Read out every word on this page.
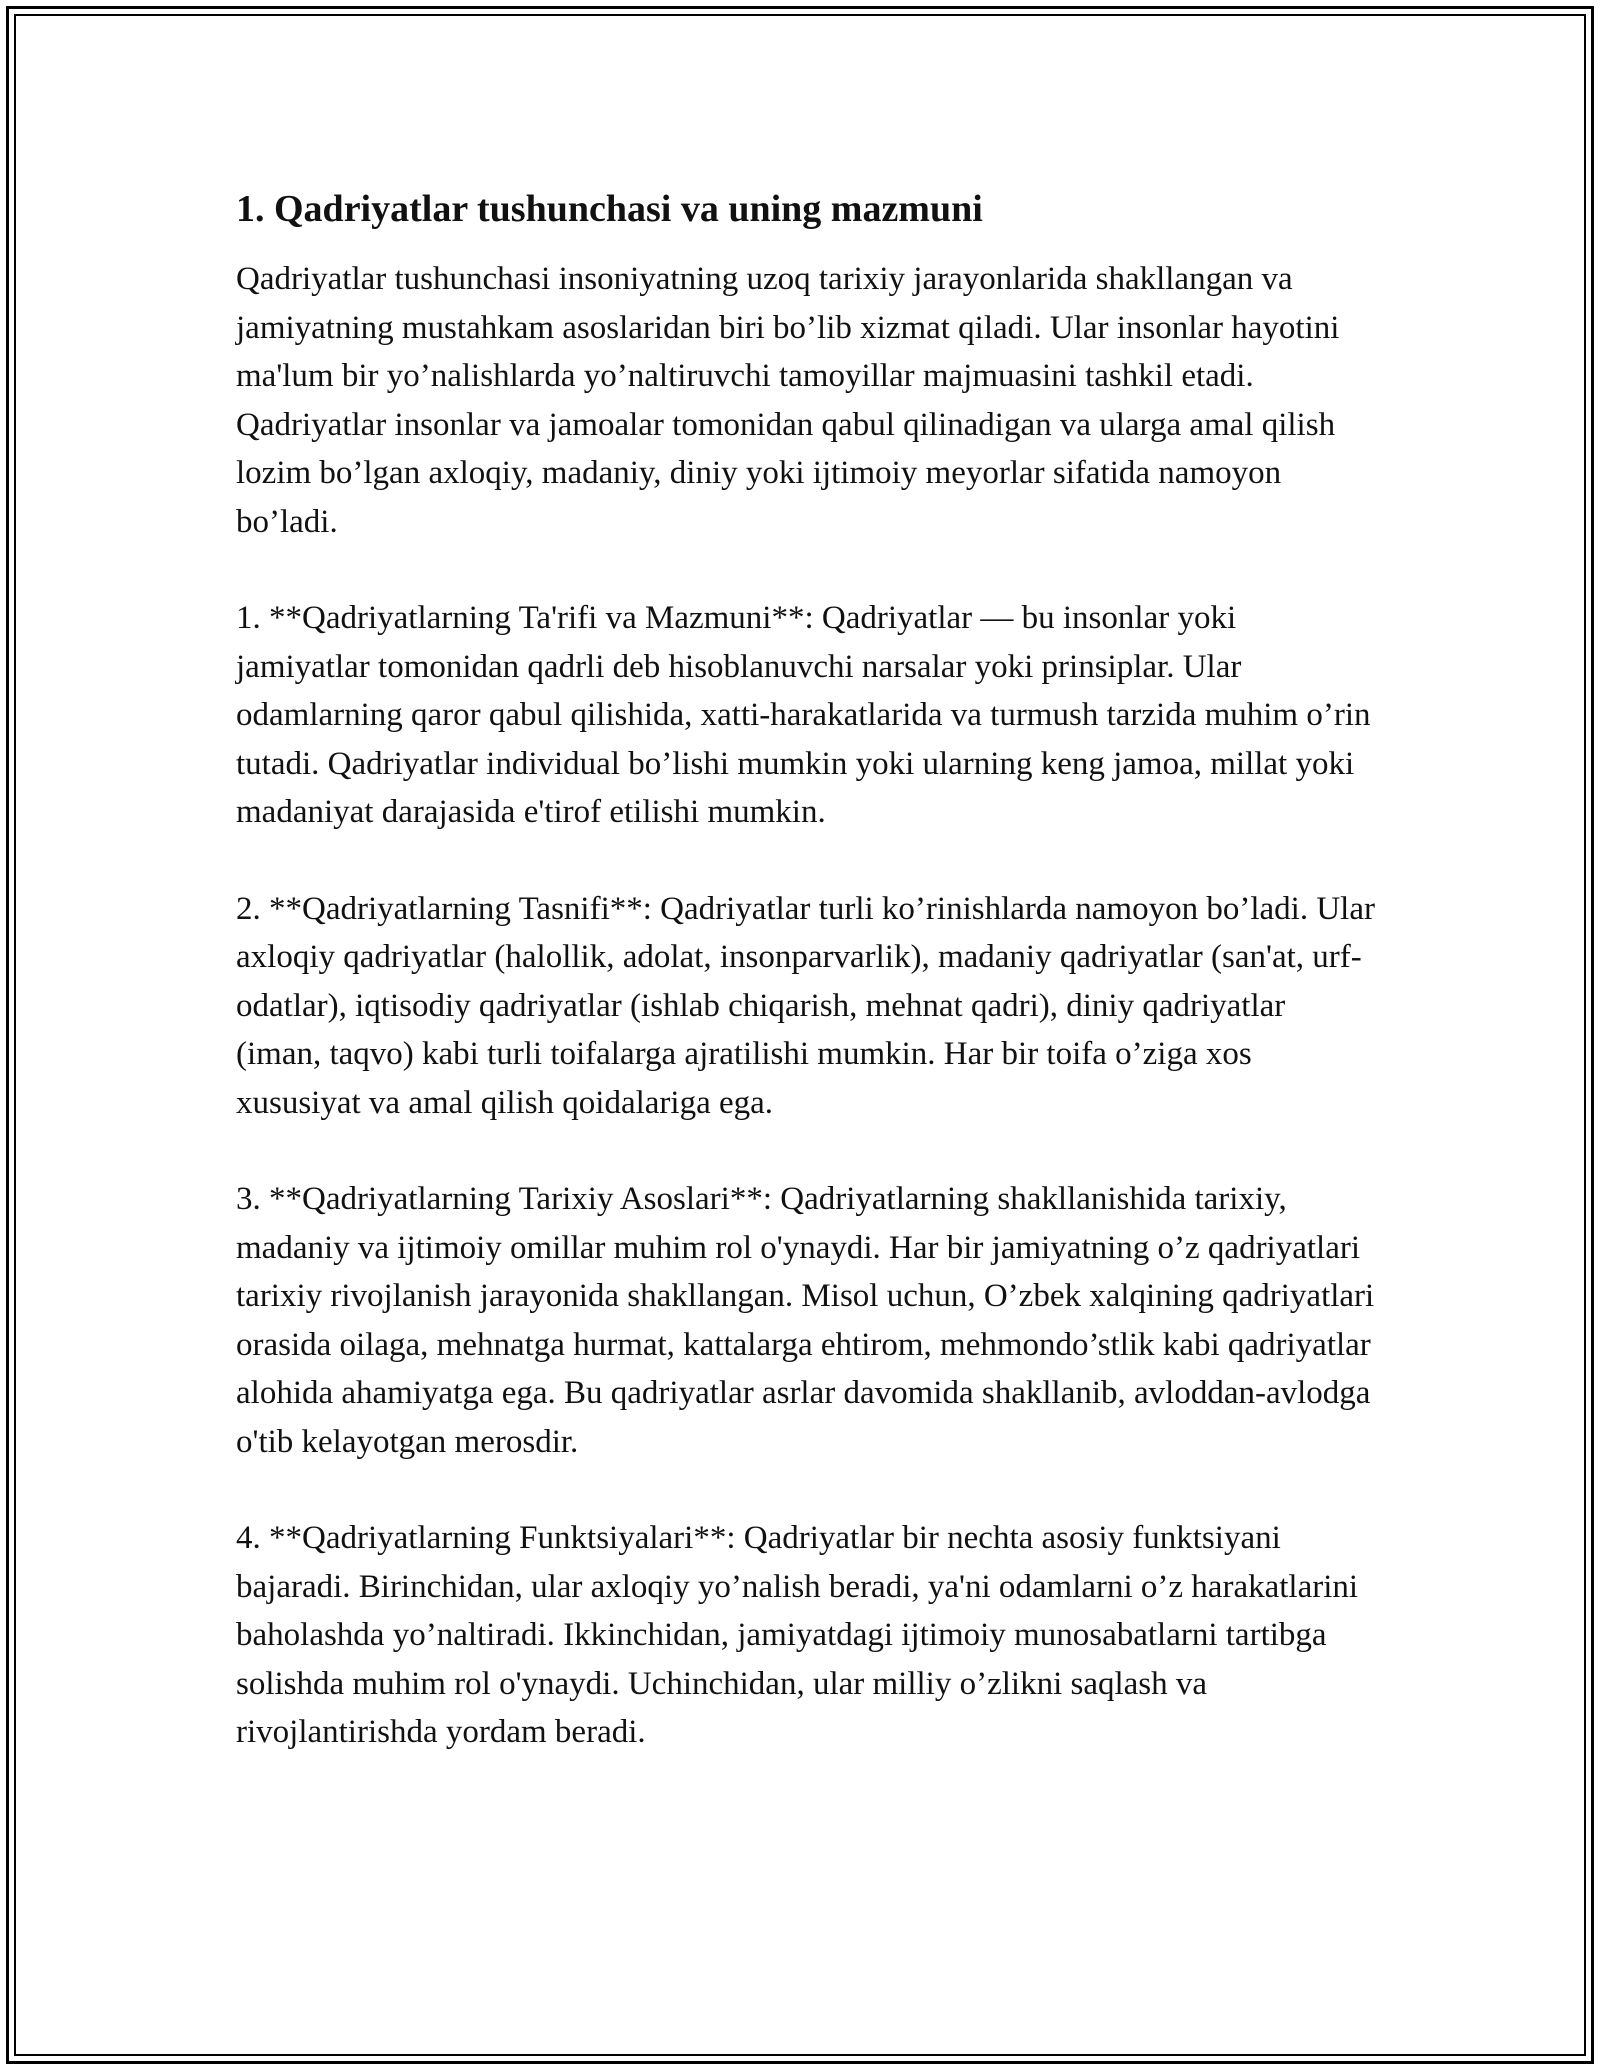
1. Qadriyatlar tushunchasi va uning mazmuni

Qadriyatlar tushunchasi insoniyatning uzoq tarixiy jarayonlarida shakllangan va jamiyatning mustahkam asoslaridan biri bo’lib xizmat qiladi. Ular insonlar hayotini ma'lum bir yo’nalishlarda yo’naltiruvchi tamoyillar majmuasini tashkil etadi. Qadriyatlar insonlar va jamoalar tomonidan qabul qilinadigan va ularga amal qilish lozim bo’lgan axloqiy, madaniy, diniy yoki ijtimoiy meyorlar sifatida namoyon bo’ladi.

1. **Qadriyatlarning Ta'rifi va Mazmuni**: Qadriyatlar — bu insonlar yoki jamiyatlar tomonidan qadrli deb hisoblanuvchi narsalar yoki prinsiplar. Ular odamlarning qaror qabul qilishida, xatti-harakatlarida va turmush tarzida muhim o’rin tutadi. Qadriyatlar individual bo’lishi mumkin yoki ularning keng jamoa, millat yoki madaniyat darajasida e'tirof etilishi mumkin.

2. **Qadriyatlarning Tasnifi**: Qadriyatlar turli ko’rinishlarda namoyon bo’ladi. Ular axloqiy qadriyatlar (halollik, adolat, insonparvarlik), madaniy qadriyatlar (san'at, urf-odatlar), iqtisodiy qadriyatlar (ishlab chiqarish, mehnat qadri), diniy qadriyatlar (iman, taqvo) kabi turli toifalarga ajratilishi mumkin. Har bir toifa o’ziga xos xususiyat va amal qilish qoidalariga ega.

3. **Qadriyatlarning Tarixiy Asoslari**: Qadriyatlarning shakllanishida tarixiy, madaniy va ijtimoiy omillar muhim rol o'ynaydi. Har bir jamiyatning o’z qadriyatlari tarixiy rivojlanish jarayonida shakllangan. Misol uchun, O’zbek xalqining qadriyatlari orasida oilaga, mehnatga hurmat, kattalarga ehtirom, mehmondo’stlik kabi qadriyatlar alohida ahamiyatga ega. Bu qadriyatlar asrlar davomida shakllanib, avloddan-avlodga o'tib kelayotgan merosdir.

4. **Qadriyatlarning Funktsiyalari**: Qadriyatlar bir nechta asosiy funktsiyani bajaradi. Birinchidan, ular axloqiy yo’nalish beradi, ya'ni odamlarni o’z harakatlarini baholashda yo’naltiradi. Ikkinchidan, jamiyatdagi ijtimoiy munosabatlarni tartibga solishda muhim rol o'ynaydi. Uchinchidan, ular milliy o’zlikni saqlash va rivojlantirishda yordam beradi.
